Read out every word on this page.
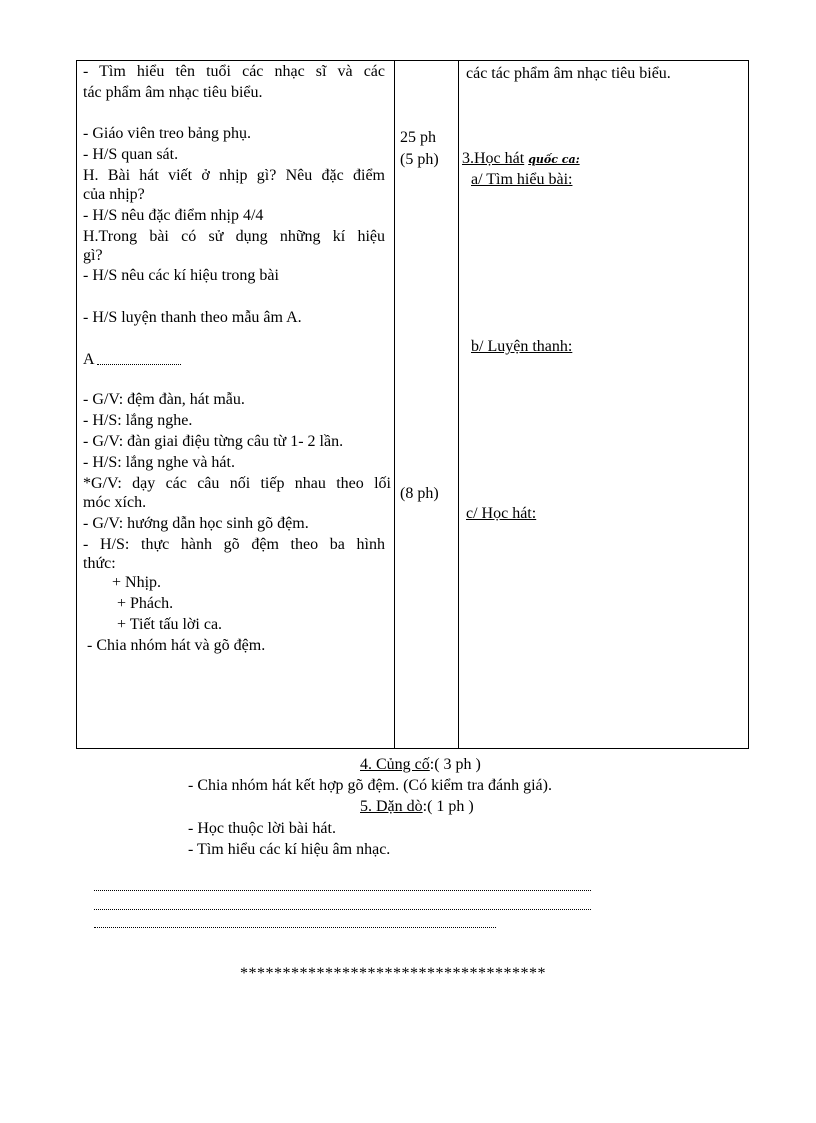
- Tìm hiểu tên tuổi các nhạc sĩ và các
tác phẩm âm nhạc tiêu biểu.
- Giáo viên treo bảng phụ.
- H/S quan sát.
H. Bài hát viết ở nhịp gì? Nêu đặc điểm
của nhịp?
- H/S nêu đặc điểm nhịp 4/4
H.Trong bài có sử dụng những kí hiệu
gì?
- H/S nêu các kí hiệu trong bài
- H/S luyện thanh theo mẫu âm A.
A
- G/V: đệm đàn, hát mẫu.
- H/S: lắng nghe.
- G/V: đàn giai điệu từng câu từ 1- 2 lần.
- H/S: lắng nghe và hát.
*G/V: dạy các câu nối tiếp nhau theo lối
móc xích.
- G/V: hướng dẫn học sinh gõ đệm.
- H/S: thực hành gõ đệm theo ba hình
thức:
+ Nhịp.
+ Phách.
+ Tiết tấu lời ca.
- Chia nhóm hát và gõ đệm.
25 ph
(5 ph)
(8 ph)
các tác phẩm âm nhạc tiêu biểu.
3.Học hát quốc ca:
a/ Tìm hiểu bài:
b/ Luyện thanh:
c/ Học hát:
4. Củng cố:( 3 ph )
- Chia nhóm hát kết hợp gõ đệm. (Có kiểm tra đánh giá).
5. Dặn dò:( 1 ph )
- Học thuộc lời bài hát.
- Tìm hiểu các kí hiệu âm nhạc.
************************************
